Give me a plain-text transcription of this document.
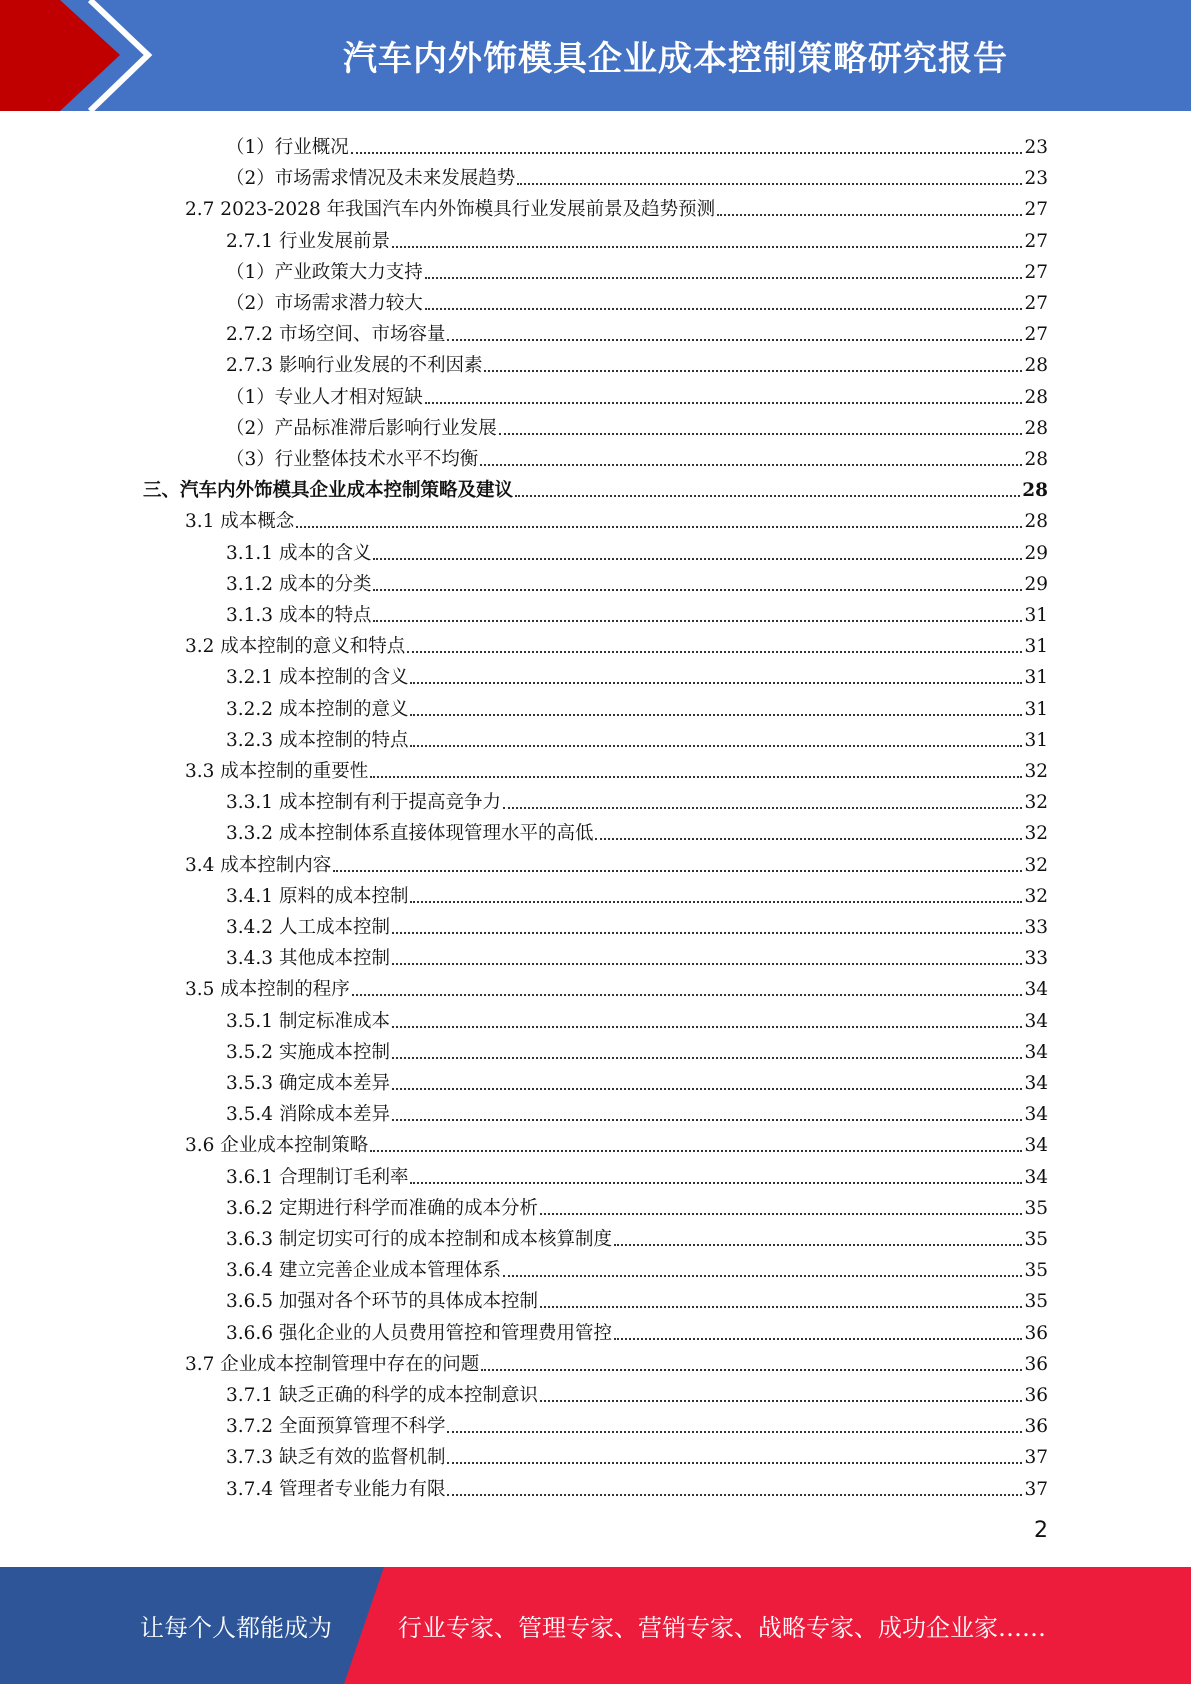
汽车内外饰模具企业成本控制策略研究报告
（1）行业概况	23
（2）市场需求情况及未来发展趋势	23
2.7 2023-2028 年我国汽车内外饰模具行业发展前景及趋势预测	27
2.7.1 行业发展前景	27
（1）产业政策大力支持	27
（2）市场需求潜力较大	27
2.7.2 市场空间、市场容量	27
2.7.3 影响行业发展的不利因素	28
（1）专业人才相对短缺	28
（2）产品标准滞后影响行业发展	28
（3）行业整体技术水平不均衡	28
三、汽车内外饰模具企业成本控制策略及建议	28
3.1 成本概念	28
3.1.1 成本的含义	29
3.1.2 成本的分类	29
3.1.3 成本的特点	31
3.2 成本控制的意义和特点	31
3.2.1 成本控制的含义	31
3.2.2 成本控制的意义	31
3.2.3 成本控制的特点	31
3.3 成本控制的重要性	32
3.3.1 成本控制有利于提高竞争力	32
3.3.2 成本控制体系直接体现管理水平的高低	32
3.4 成本控制内容	32
3.4.1 原料的成本控制	32
3.4.2 人工成本控制	33
3.4.3 其他成本控制	33
3.5 成本控制的程序	34
3.5.1 制定标准成本	34
3.5.2 实施成本控制	34
3.5.3 确定成本差异	34
3.5.4 消除成本差异	34
3.6 企业成本控制策略	34
3.6.1 合理制订毛利率	34
3.6.2 定期进行科学而准确的成本分析	35
3.6.3 制定切实可行的成本控制和成本核算制度	35
3.6.4 建立完善企业成本管理体系	35
3.6.5 加强对各个环节的具体成本控制	35
3.6.6 强化企业的人员费用管控和管理费用管控	36
3.7 企业成本控制管理中存在的问题	36
3.7.1 缺乏正确的科学的成本控制意识	36
3.7.2 全面预算管理不科学	36
3.7.3 缺乏有效的监督机制	37
3.7.4 管理者专业能力有限	37
2
让每个人都能成为	行业专家、管理专家、营销专家、战略专家、成功企业家……
